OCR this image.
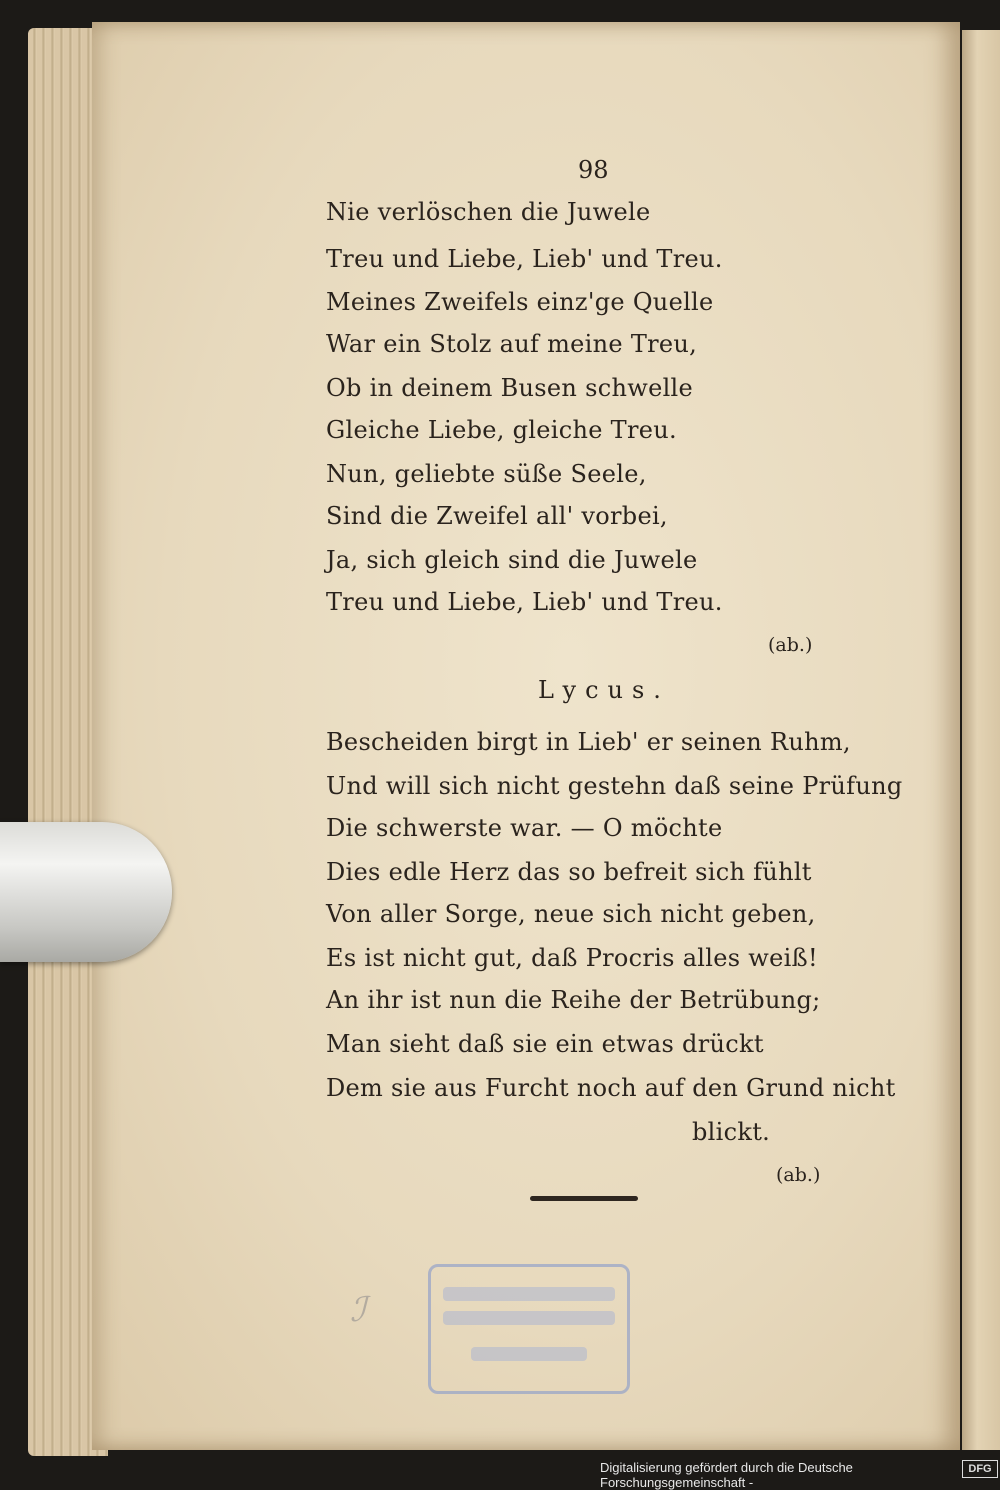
98
Nie verlöschen die Juwele
Treu und Liebe, Lieb' und Treu.
Meines Zweifels einz'ge Quelle
War ein Stolz auf meine Treu,
Ob in deinem Busen schwelle
Gleiche Liebe, gleiche Treu.
Nun, geliebte süße Seele,
Sind die Zweifel all' vorbei,
Ja, sich gleich sind die Juwele
Treu und Liebe, Lieb' und Treu.
(ab.)
Lycus.
Bescheiden birgt in Lieb' er seinen Ruhm,
Und will sich nicht gestehn daß seine Prüfung
Die schwerste war. — O möchte
Dies edle Herz das so befreit sich fühlt
Von aller Sorge, neue sich nicht geben,
Es ist nicht gut, daß Procris alles weiß!
An ihr ist nun die Reihe der Betrübung;
Man sieht daß sie ein etwas drückt
Dem sie aus Furcht noch auf den Grund nicht
blickt.
(ab.)
ℐ
Digitalisierung gefördert durch die Deutsche Forschungsgemeinschaft -
DFG
